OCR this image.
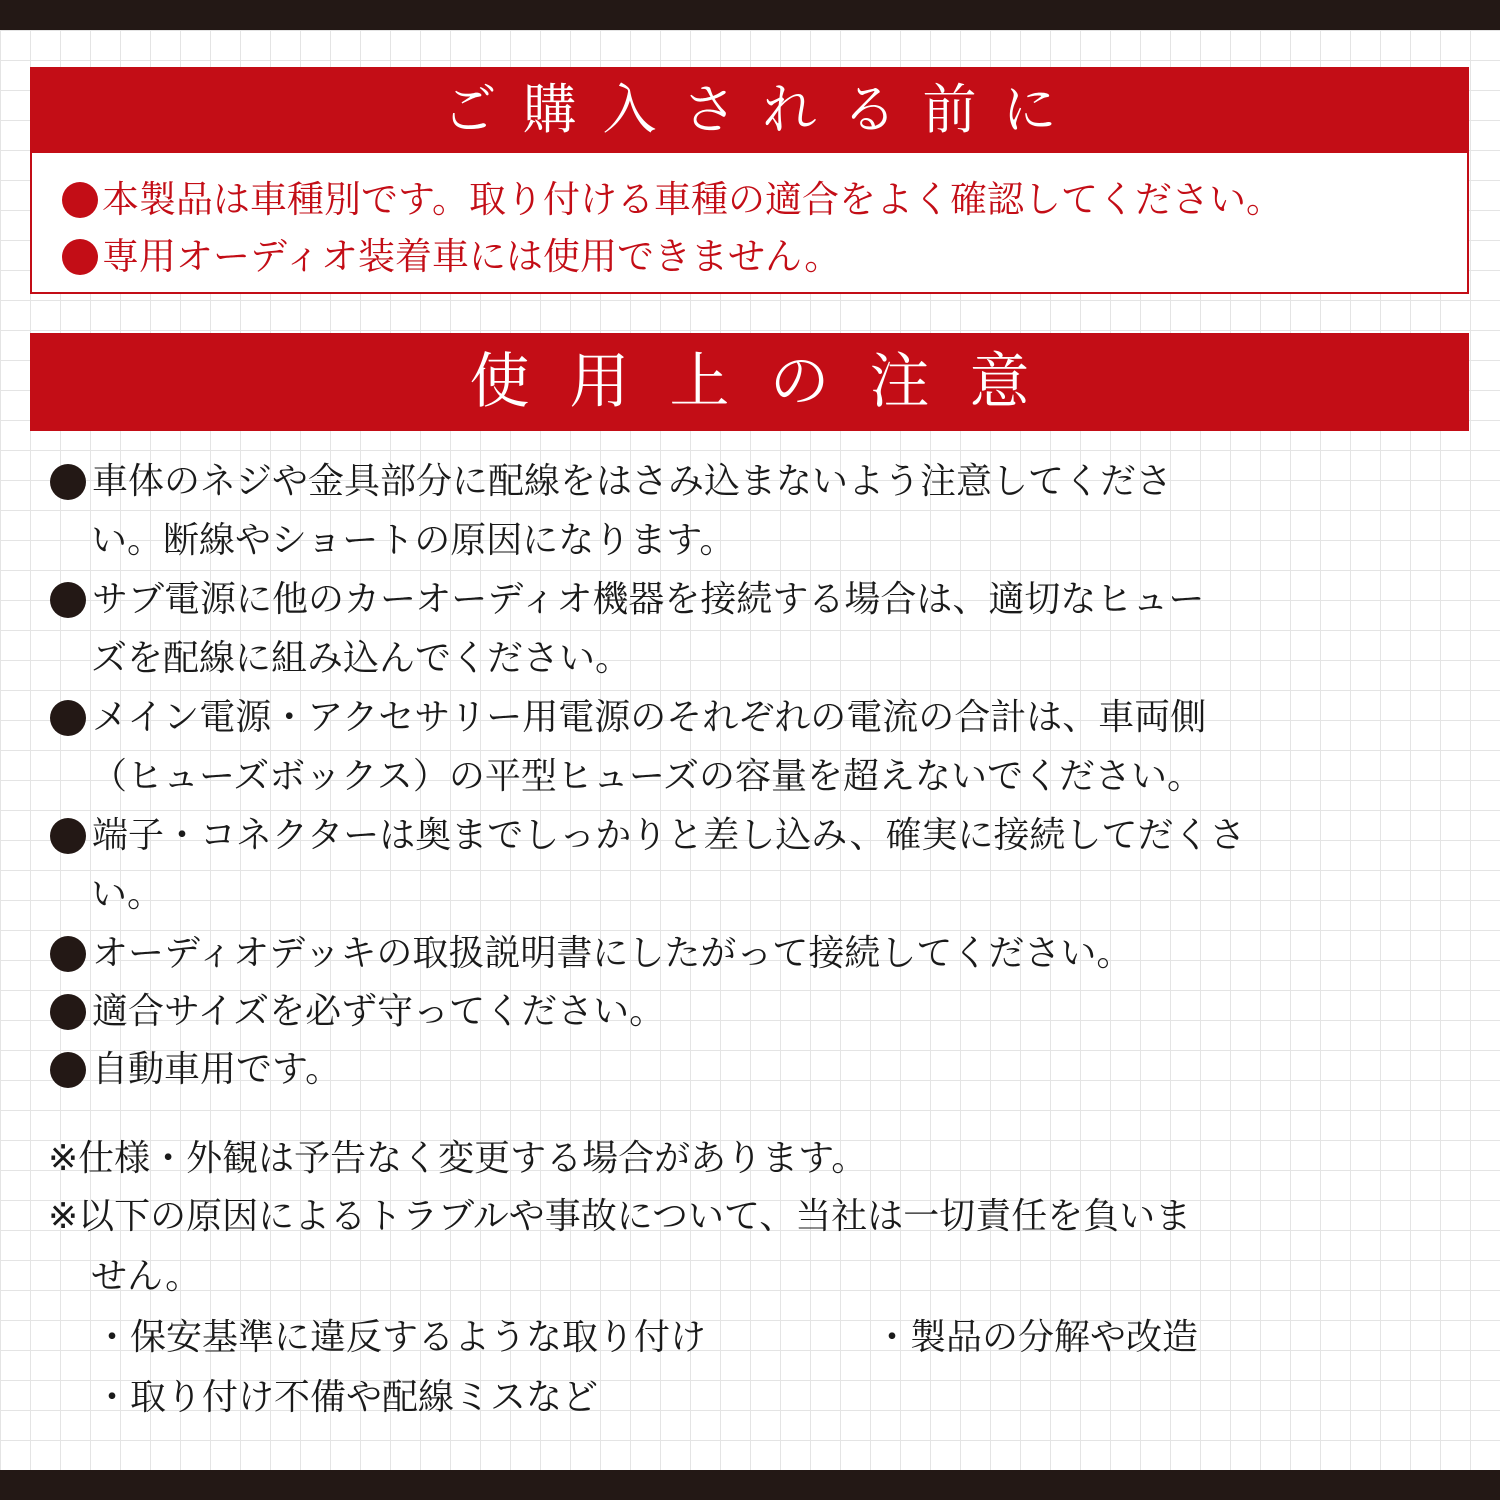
ご購入される前に
本製品は車種別です。取り付ける車種の適合をよく確認してください。
専用オーディオ装着車には使用できません。
使用上の注意
車体のネジや金具部分に配線をはさみ込まないよう注意してくださ
い。断線やショートの原因になります。
サブ電源に他のカーオーディオ機器を接続する場合は、適切なヒュー
ズを配線に組み込んでください。
メイン電源・アクセサリー用電源のそれぞれの電流の合計は、車両側
（ヒューズボックス）の平型ヒューズの容量を超えないでください。
端子・コネクターは奥までしっかりと差し込み、確実に接続してだくさ
い。
オーディオデッキの取扱説明書にしたがって接続してください。
適合サイズを必ず守ってください。
自動車用です。
※仕様・外観は予告なく変更する場合があります。
※以下の原因によるトラブルや事故について、当社は一切責任を負いま
せん。
・保安基準に違反するような取り付け	・製品の分解や改造
・取り付け不備や配線ミスなど
